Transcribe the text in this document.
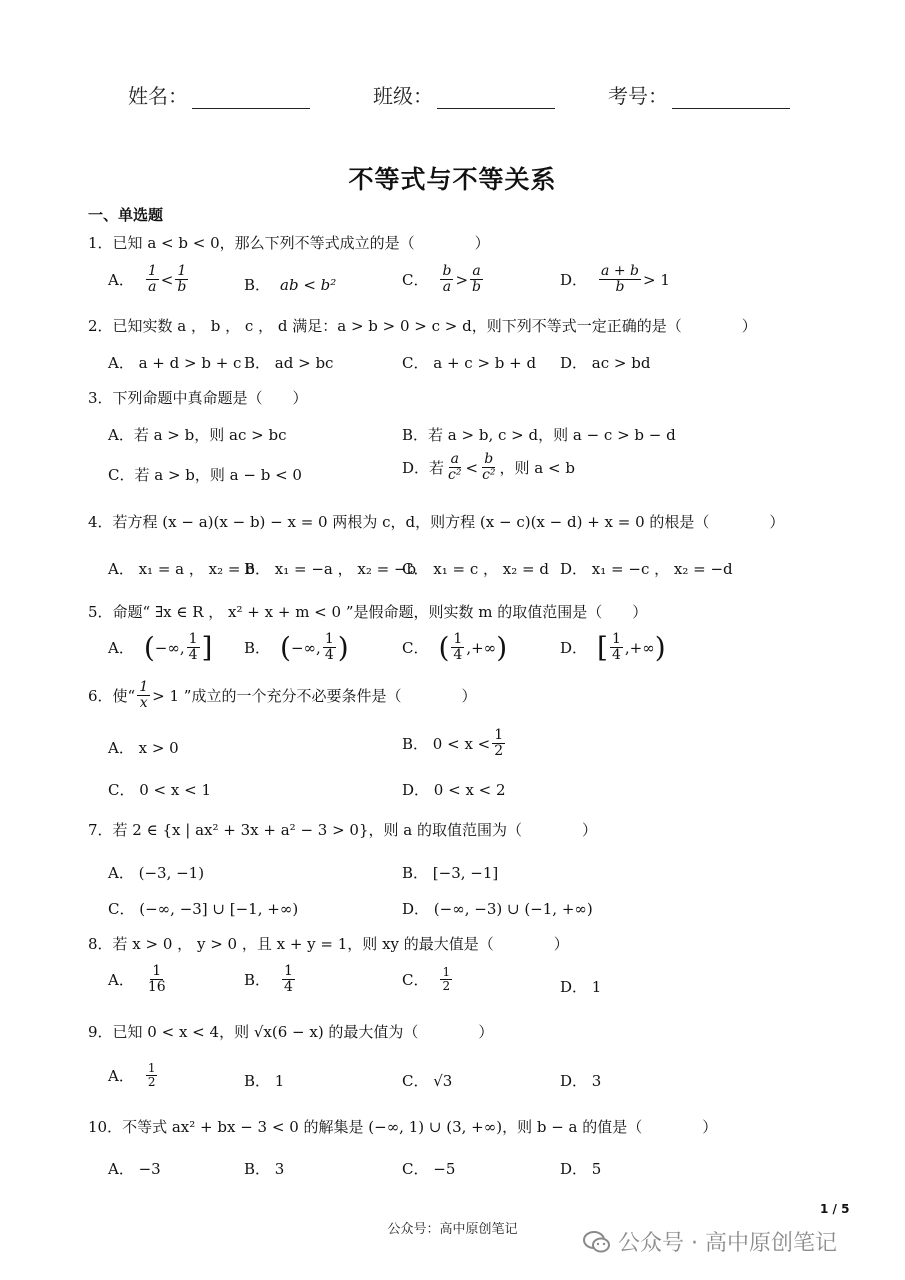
姓名：	班级：	考号：
不等式与不等关系
一、单选题
1．已知 a < b < 0，那么下列不等式成立的是（　　　　）
A． $\frac{1}{a} < \frac{1}{b}$	B． ab < b²	C． $\frac{b}{a} > \frac{a}{b}$	D． $\frac{a + b}{b} > 1$
2．已知实数 a ， b ， c ， d 满足：a > b > 0 > c > d，则下列不等式一定正确的是（　　　　）
A． a + d > b + c B． ad > bc	C． a + c > b + d D． ac > bd
3．下列命题中真命题是（　　）
A．若 a > b，则 ac > bc	B．若 a > b, c > d，则 a − c > b − d
C．若 a > b，则 a − b < 0	D．若 $\frac{a}{\text{c²}} < \frac{b}{\text{c²}}$ ，则 a < b
4．若方程 (x − a)(x − b) − x = 0 两根为 c，d，则方程 (x − c)(x − d) + x = 0 的根是（　　　　）
A． x₁ = a ， x₂ = b
B． x₁ = −a ， x₂ = −b
C． x₁ = c ， x₂ = d D． x₁ = −c ， x₂ = −d
5．命题“ ∃x ∈ R ， x² + x + m < 0 ”是假命题，则实数 m 的取值范围是（　　）
A． ( −∞, $\frac{1}{4}$ ] B． ( −∞, $\frac{1}{4}$ )	C． ( $\frac{1}{4}$ ,+∞ )	D． [ $\frac{1}{4}$ ,+∞ )
6．使“ $\frac{1}{x} > 1$ ”成立的一个充分不必要条件是（　　　　）
A． x > 0	B． $0 < x < \frac{1}{2}$
C． 0 < x < 1	D． 0 < x < 2
7．若 2 ∈ {x | ax² + 3x + a² − 3 > 0}，则 a 的取值范围为（　　　　）
A． (−3, −1)	B． [−3, −1]
C． (−∞, −3] ∪ [−1, +∞)	D． (−∞, −3) ∪ (−1, +∞)
8．若 x > 0 ， y > 0 ，且 x + y = 1，则 xy 的最大值是（　　　　）
A． $\frac{1}{16}$	B． $\frac{1}{4}$	C． $\frac{1}{2}$	D． 1
9．已知 0 < x < 4，则 √x(6 − x) 的最大值为（　　　　）
A． $\frac{1}{2}$	B． 1	C． √3	D． 3
10．不等式 ax² + bx − 3 < 0 的解集是 (−∞, 1) ∪ (3, +∞)，则 b − a 的值是（　　　　）
A． −3	B． 3	C． −5	D． 5
1 / 5
公众号：高中原创笔记
公众号 · 高中原创笔记
